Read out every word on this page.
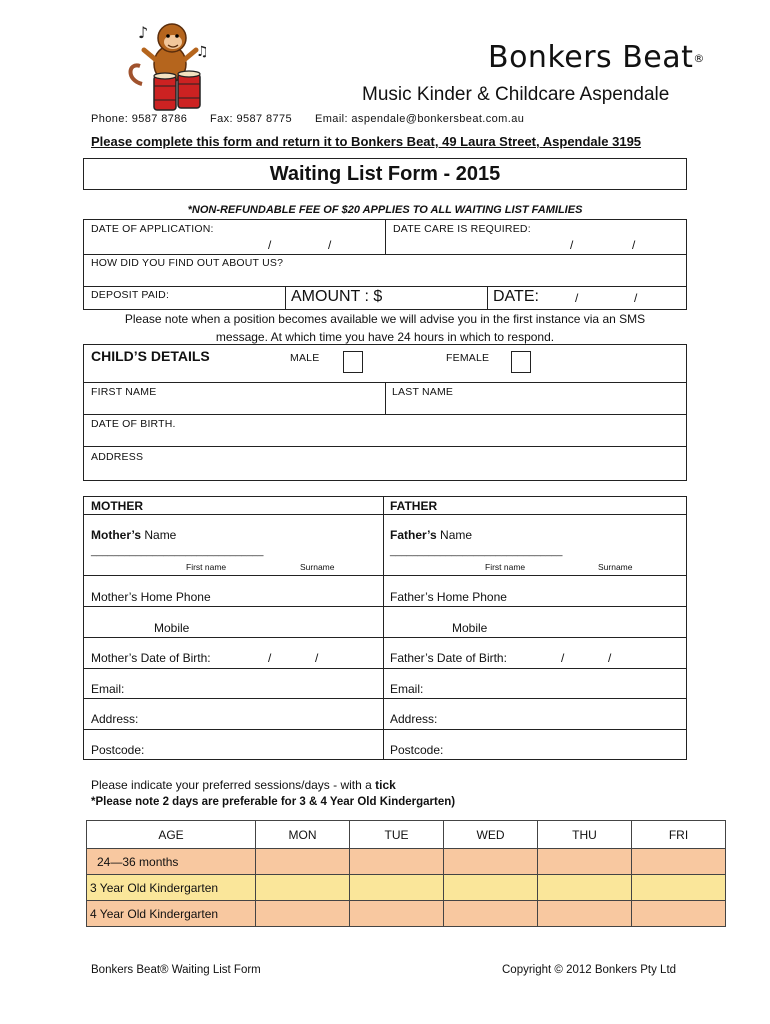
♪
♫	Bonkers Beat®
Music Kinder & Childcare Aspendale
Phone: 9587 8786 Fax: 9587 8775 Email: aspendale@bonkersbeat.com.au
Please complete this form and return it to Bonkers Beat, 49 Laura Street, Aspendale 3195
Waiting List Form - 2015
*NON-REFUNDABLE FEE OF $20 APPLIES TO ALL WAITING LIST FAMILIES
DATE OF APPLICATION:
/	/
DATE CARE IS REQUIRED:
/	/
HOW DID YOU FIND OUT ABOUT US?
DEPOSIT PAID:	AMOUNT : $	DATE:	/	/
Please note when a position becomes available we will advise you in the first instance via an SMS
message. At which time you have 24 hours in which to respond.
CHILD’S DETAILS	MALE	FEMALE
FIRST NAME	LAST NAME
DATE OF BIRTH.
ADDRESS
MOTHER	FATHER
Mother’s Name
_______________________________
First name	Surname
Father’s Name
_______________________________
First name	Surname
Mother’s Home Phone	Father’s Home Phone
Mobile	Mobile
Mother’s Date of Birth:	/	/	Father’s Date of Birth:	/	/
Email:	Email:
Address:	Address:
Postcode:	Postcode:
Please indicate your preferred sessions/days - with a tick
*Please note 2 days are preferable for 3 & 4 Year Old Kindergarten)
AGE	MON	TUE	WED	THU	FRI
24—36 months					
3 Year Old Kindergarten					
4 Year Old Kindergarten					
Bonkers Beat® Waiting List Form	Copyright © 2012 Bonkers Pty Ltd
